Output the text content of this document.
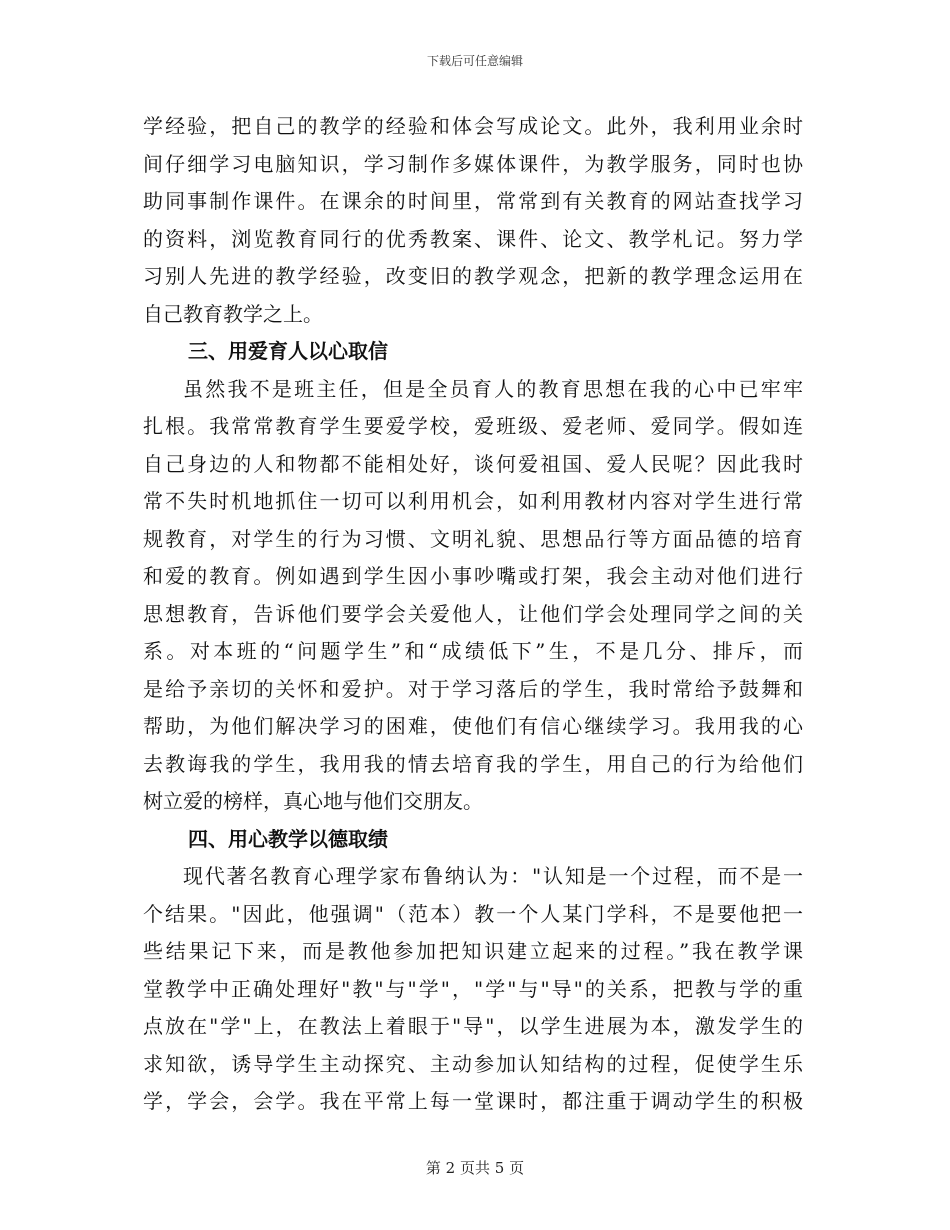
下载后可任意编辑
学经验，把自己的教学的经验和体会写成论文。此外，我利用业余时
间仔细学习电脑知识，学习制作多媒体课件，为教学服务，同时也协
助同事制作课件。在课余的时间里，常常到有关教育的网站查找学习
的资料，浏览教育同行的优秀教案、课件、论文、教学札记。努力学
习别人先进的教学经验，改变旧的教学观念，把新的教学理念运用在
自己教育教学之上。
三、用爱育人以心取信
虽然我不是班主任，但是全员育人的教育思想在我的心中已牢牢
扎根。我常常教育学生要爱学校，爱班级、爱老师、爱同学。假如连
自己身边的人和物都不能相处好，谈何爱祖国、爱人民呢？因此我时
常不失时机地抓住一切可以利用机会，如利用教材内容对学生进行常
规教育，对学生的行为习惯、文明礼貌、思想品行等方面品德的培育
和爱的教育。例如遇到学生因小事吵嘴或打架，我会主动对他们进行
思想教育，告诉他们要学会关爱他人，让他们学会处理同学之间的关
系。对本班的“问题学生”和“成绩低下”生，不是几分、排斥，而
是给予亲切的关怀和爱护。对于学习落后的学生，我时常给予鼓舞和
帮助，为他们解决学习的困难，使他们有信心继续学习。我用我的心
去教诲我的学生，我用我的情去培育我的学生，用自己的行为给他们
树立爱的榜样，真心地与他们交朋友。
四、用心教学以德取绩
现代著名教育心理学家布鲁纳认为："认知是一个过程，而不是一
个结果。"因此，他强调"（范本）教一个人某门学科，不是要他把一
些结果记下来，而是教他参加把知识建立起来的过程。”我在教学课
堂教学中正确处理好"教"与"学"，"学"与"导"的关系，把教与学的重
点放在"学"上，在教法上着眼于"导"，以学生进展为本，激发学生的
求知欲，诱导学生主动探究、主动参加认知结构的过程，促使学生乐
学，学会，会学。我在平常上每一堂课时，都注重于调动学生的积极
第 2 页共 5 页
